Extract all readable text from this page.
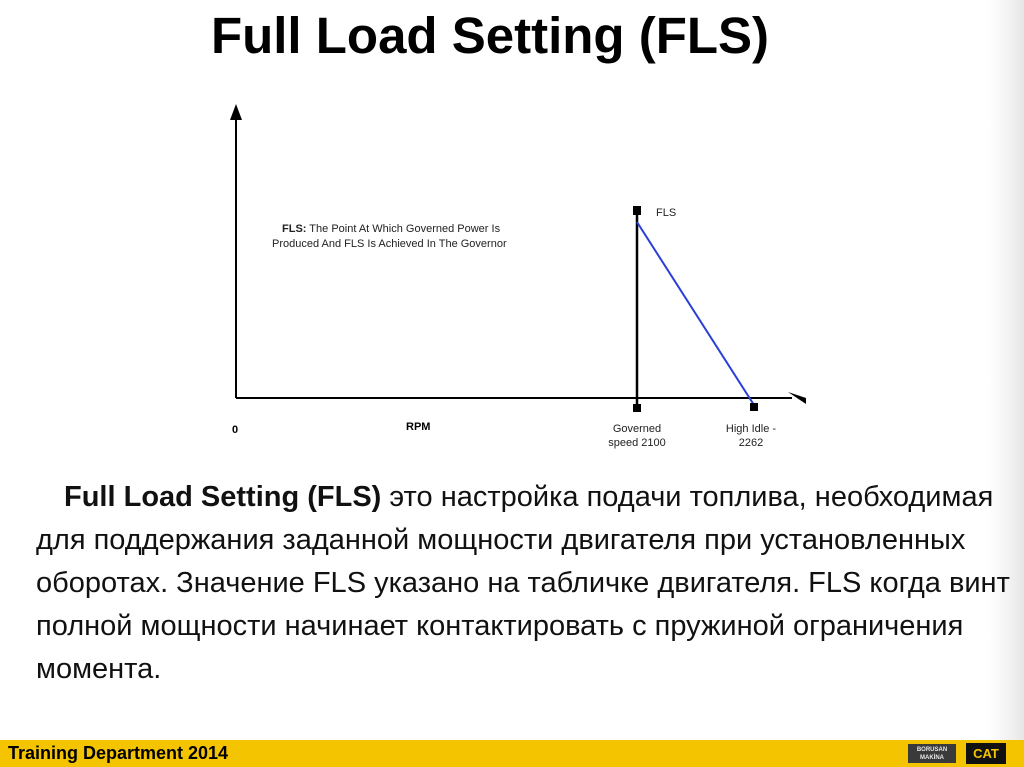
Full Load Setting (FLS)
0	RPM
FLS: The Point At Which Governed Power Is
Produced And FLS Is Achieved In The Governor
FLS
Governed
speed 2100
High Idle -
2262
Full Load Setting (FLS) это настройка подачи топлива, необходимая для поддержания заданной мощности двигателя при установленных оборотах. Значение FLS указано на табличке двигателя. FLS когда винт полной мощности начинает контактировать с пружиной ограничения момента.
Training Department 2014	BORUSAN MAKİNA	CAT
